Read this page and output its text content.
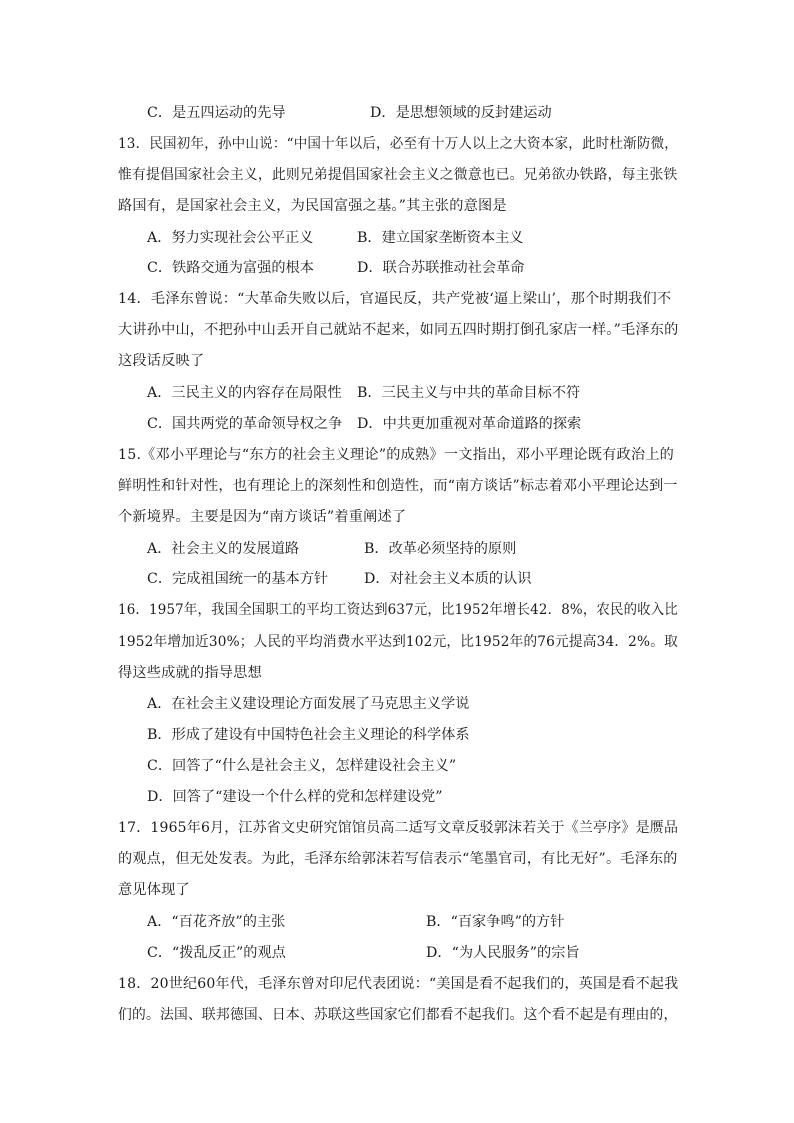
C．是五四运动的先导	D．是思想领域的反封建运动
13．民国初年，孙中山说：“中国十年以后，必至有十万人以上之大资本家，此时杜渐防微，
惟有提倡国家社会主义，此则兄弟提倡国家社会主义之微意也已。兄弟欲办铁路，每主张铁
路国有，是国家社会主义，为民国富强之基。”其主张的意图是
A．努力实现社会公平正义	B．建立国家垄断资本主义
C．铁路交通为富强的根本	D．联合苏联推动社会革命
14．毛泽东曾说：“大革命失败以后，官逼民反，共产党被‘逼上梁山’，那个时期我们不
大讲孙中山，不把孙中山丢开自己就站不起来，如同五四时期打倒孔家店一样。”毛泽东的
这段话反映了
A．三民主义的内容存在局限性 B．三民主义与中共的革命目标不符
C．国共两党的革命领导权之争 D．中共更加重视对革命道路的探索
15.《邓小平理论与“东方的社会主义理论”的成熟》一文指出，邓小平理论既有政治上的
鲜明性和针对性，也有理论上的深刻性和创造性，而“南方谈话”标志着邓小平理论达到一
个新境界。主要是因为“南方谈话”着重阐述了
A．社会主义的发展道路	B．改革必须坚持的原则
C．完成祖国统一的基本方针	D．对社会主义本质的认识
16．1957年，我国全国职工的平均工资达到637元，比1952年增长42．8%，农民的收入比
1952年增加近30%；人民的平均消费水平达到102元，比1952年的76元提高34．2%。取
得这些成就的指导思想
A．在社会主义建设理论方面发展了马克思主义学说
B．形成了建设有中国特色社会主义理论的科学体系
C．回答了“什么是社会主义，怎样建设社会主义”
D．回答了“建设一个什么样的党和怎样建设党”
17．1965年6月，江苏省文史研究馆馆员高二适写文章反驳郭沫若关于《兰亭序》是赝品
的观点，但无处发表。为此，毛泽东给郭沫若写信表示“笔墨官司，有比无好”。毛泽东的
意见体现了
A．“百花齐放”的主张	B．“百家争鸣”的方针
C．“拨乱反正”的观点	D．“为人民服务”的宗旨
18．20世纪60年代，毛泽东曾对印尼代表团说：“美国是看不起我们的，英国是看不起我
们的。法国、联邦德国、日本、苏联这些国家它们都看不起我们。这个看不起是有理由的，
